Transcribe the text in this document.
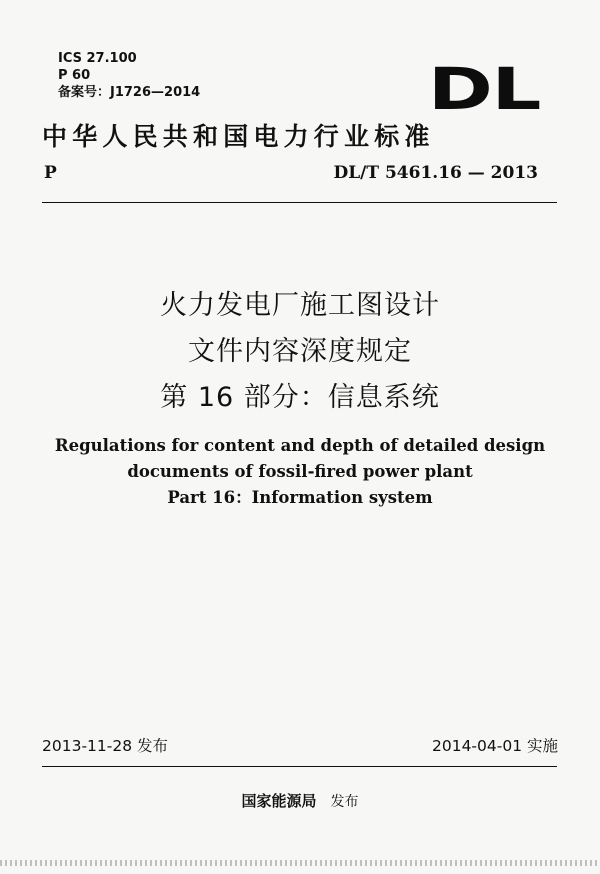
ICS 27.100
P 60
备案号：J1726—2014	DL
中华人民共和国电力行业标准
P	DL/T 5461.16 — 2013
火力发电厂施工图设计
文件内容深度规定
第 16 部分：信息系统
Regulations for content and depth of detailed design
documents of fossil-fired power plant
Part 16：Information system
2013-11-28 发布	2014-04-01 实施
国家能源局 发布
